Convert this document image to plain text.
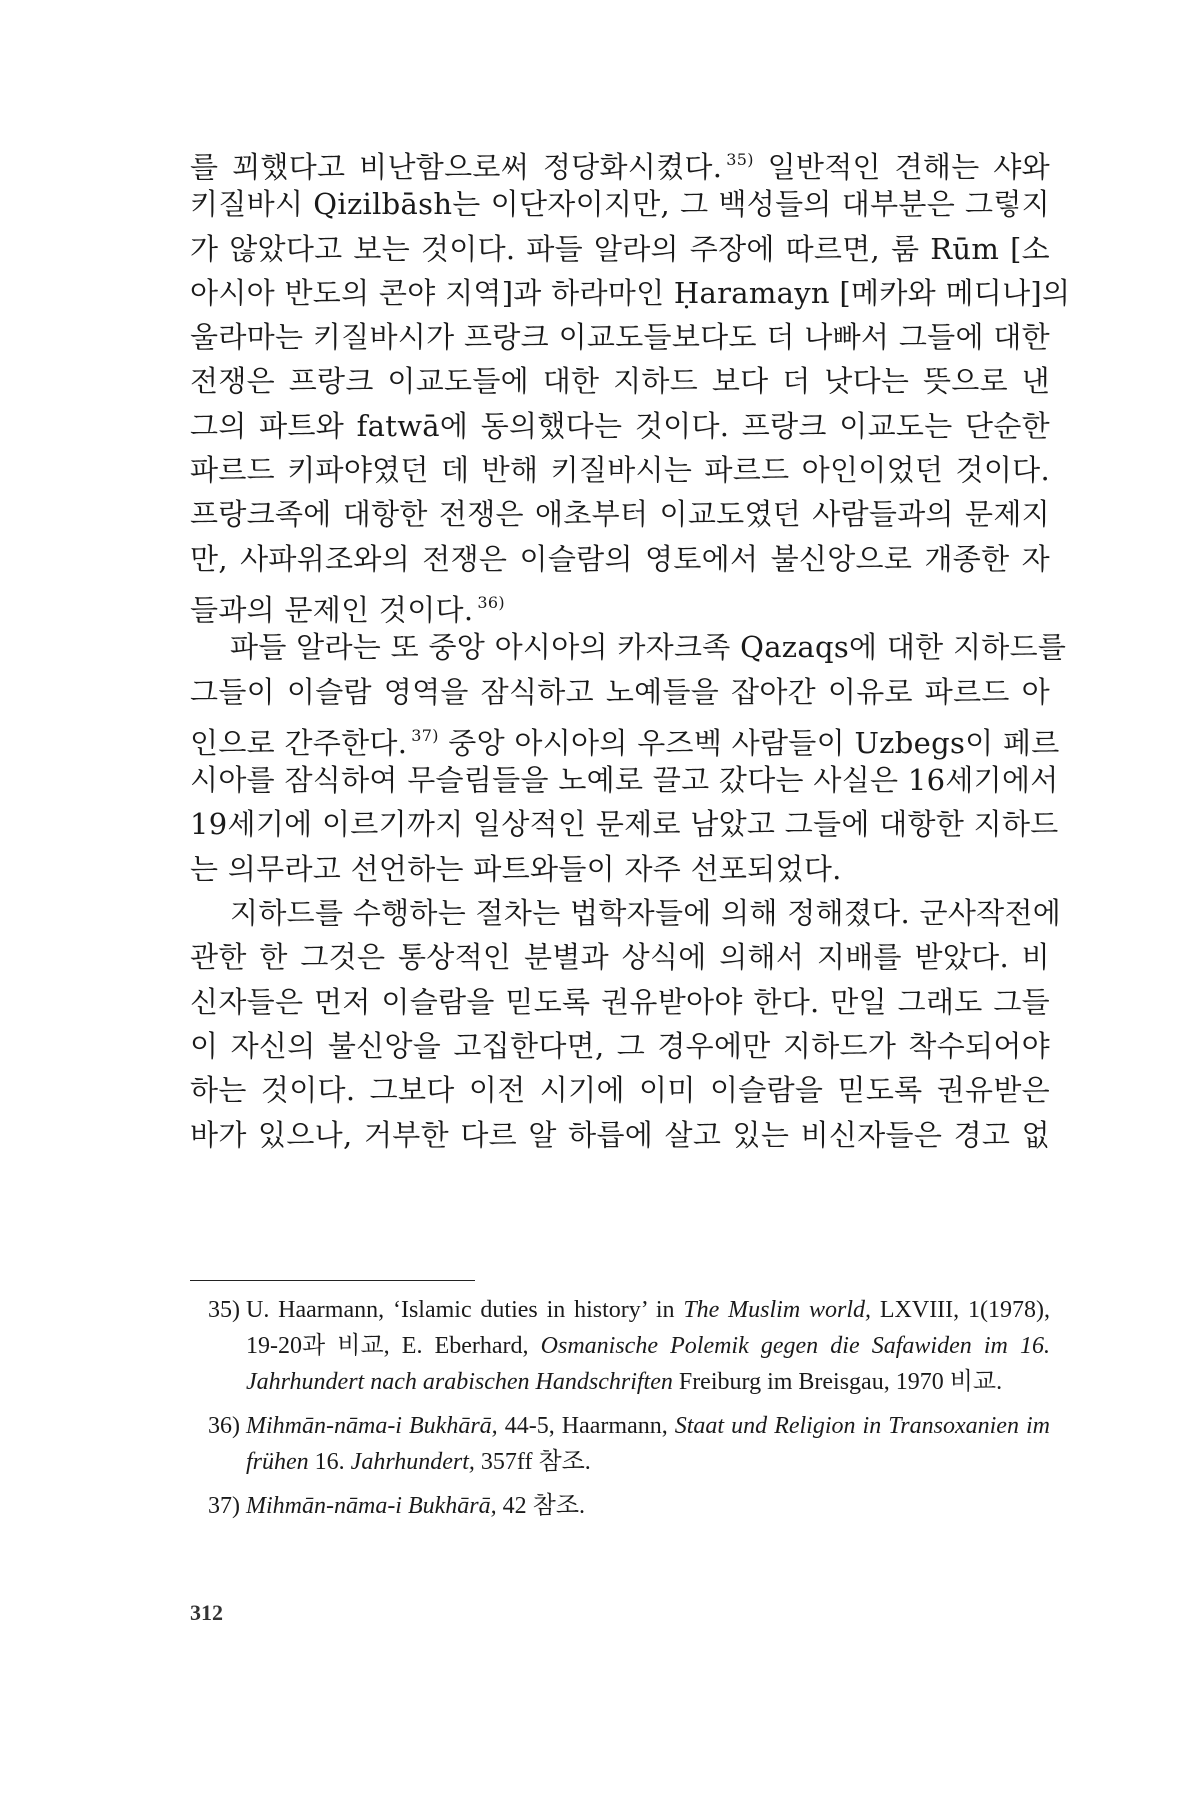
를 꾀했다고 비난함으로써 정당화시켰다. $^{35)}$ 일반적인 견해는 샤와
키질바시 Qizilbāsh는 이단자이지만, 그 백성들의 대부분은 그렇지
가 않았다고 보는 것이다. 파들 알라의 주장에 따르면, 룸 Rūm [소
아시아 반도의 콘야 지역]과 하라마인 Ḥaramayn [메카와 메디나]의
울라마는 키질바시가 프랑크 이교도들보다도 더 나빠서 그들에 대한
전쟁은 프랑크 이교도들에 대한 지하드 보다 더 낫다는 뜻으로 낸
그의 파트와 fatwā에 동의했다는 것이다. 프랑크 이교도는 단순한
파르드 키파야였던 데 반해 키질바시는 파르드 아인이었던 것이다.
프랑크족에 대항한 전쟁은 애초부터 이교도였던 사람들과의 문제지
만, 사파위조와의 전쟁은 이슬람의 영토에서 불신앙으로 개종한 자
들과의 문제인 것이다. $^{36)}$
파들 알라는 또 중앙 아시아의 카자크족 Qazaqs에 대한 지하드를
그들이 이슬람 영역을 잠식하고 노예들을 잡아간 이유로 파르드 아
인으로 간주한다. $^{37)}$ 중앙 아시아의 우즈벡 사람들이 Uzbegs이 페르
시아를 잠식하여 무슬림들을 노예로 끌고 갔다는 사실은 16세기에서
19세기에 이르기까지 일상적인 문제로 남았고 그들에 대항한 지하드
는 의무라고 선언하는 파트와들이 자주 선포되었다.
지하드를 수행하는 절차는 법학자들에 의해 정해졌다. 군사작전에
관한 한 그것은 통상적인 분별과 상식에 의해서 지배를 받았다. 비
신자들은 먼저 이슬람을 믿도록 권유받아야 한다. 만일 그래도 그들
이 자신의 불신앙을 고집한다면, 그 경우에만 지하드가 착수되어야
하는 것이다. 그보다 이전 시기에 이미 이슬람을 믿도록 권유받은
바가 있으나, 거부한 다르 알 하릅에 살고 있는 비신자들은 경고 없
35) U. Haarmann, ‘Islamic duties in history’ in The Muslim world, LXVIII, 1(1978), 19-20과 비교, E. Eberhard, Osmanische Polemik gegen die Safawiden im 16. Jahrhundert nach arabischen Handschriften Freiburg im Breisgau, 1970 비교.
36) Mihmān-nāma-i Bukhārā, 44-5, Haarmann, Staat und Religion in Transoxanien im frühen 16. Jahrhundert, 357ff 참조.
37) Mihmān-nāma-i Bukhārā, 42 참조.
312
